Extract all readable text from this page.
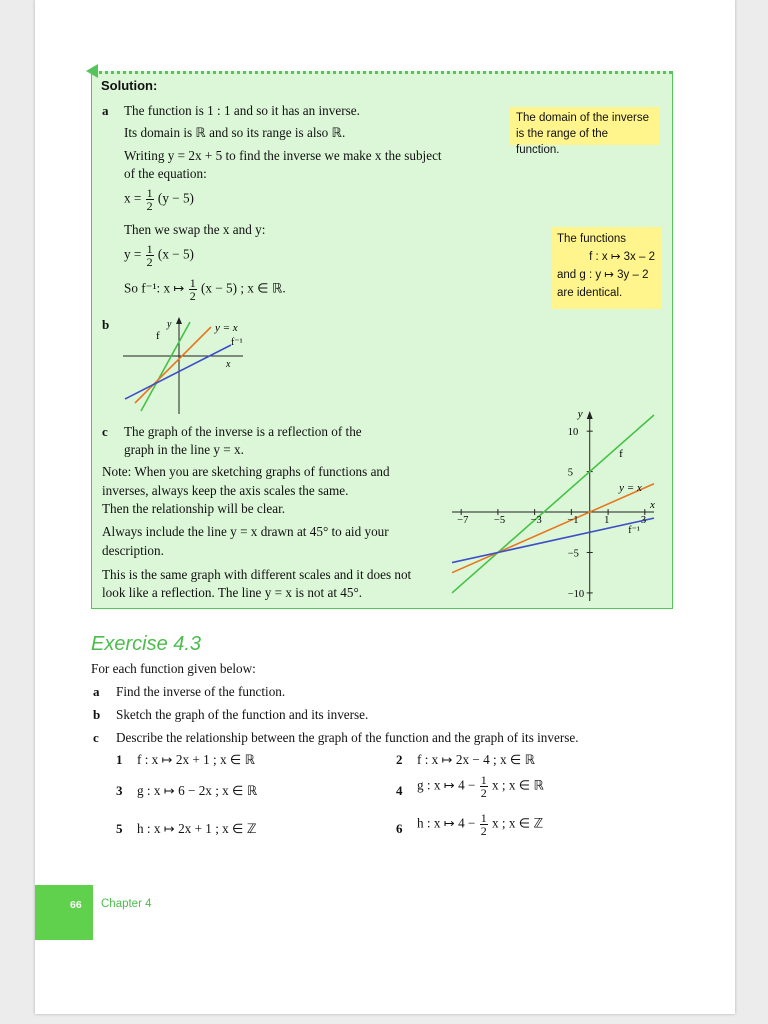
Solution:
a The function is 1 : 1 and so it has an inverse.
Its domain is ℝ and so its range is also ℝ.
Writing y = 2x + 5 to find the inverse we make x the subject
of the equation:
$x = \frac{1}{2} (y - 5)$
Then we swap the x and y:
$y = \frac{1}{2} (x - 5)$
So f⁻¹: x ↦ $\frac{1}{2} (x - 5)$ ; x ∈ ℝ.
b
f
y	y = x
f⁻¹
x
c The graph of the inverse is a reflection of the
graph in the line y = x.
Note: When you are sketching graphs of functions and
inverses, always keep the axis scales the same.
Then the relationship will be clear.
Always include the line y = x drawn at 45° to aid your
description.
This is the same graph with different scales and it does not
look like a reflection. The line y = x is not at 45°.
The domain of the inverse
is the range of the function.
The functions
f : x ↦ 3x – 2
and g : y ↦ 3y – 2
are identical.
−7 −5 −3 −1 1	3
10
5
−5
−10
x
y
f
y = x
f⁻¹
Exercise 4.3
For each function given below:
a Find the inverse of the function.
b Sketch the graph of the function and its inverse.
c Describe the relationship between the graph of the function and the graph of its inverse.
1 f : x ↦ 2x + 1 ; x ∈ ℝ	2 f : x ↦ 2x − 4 ; x ∈ ℝ
3 g : x ↦ 6 − 2x ; x ∈ ℝ	4 g : x ↦ $4 - \frac{1}{2}$ x ; x ∈ ℝ
5 h : x ↦ 2x + 1 ; x ∈ ℤ	6 h : x ↦ $4 - \frac{1}{2}$ x ; x ∈ ℤ
66 Chapter 4
